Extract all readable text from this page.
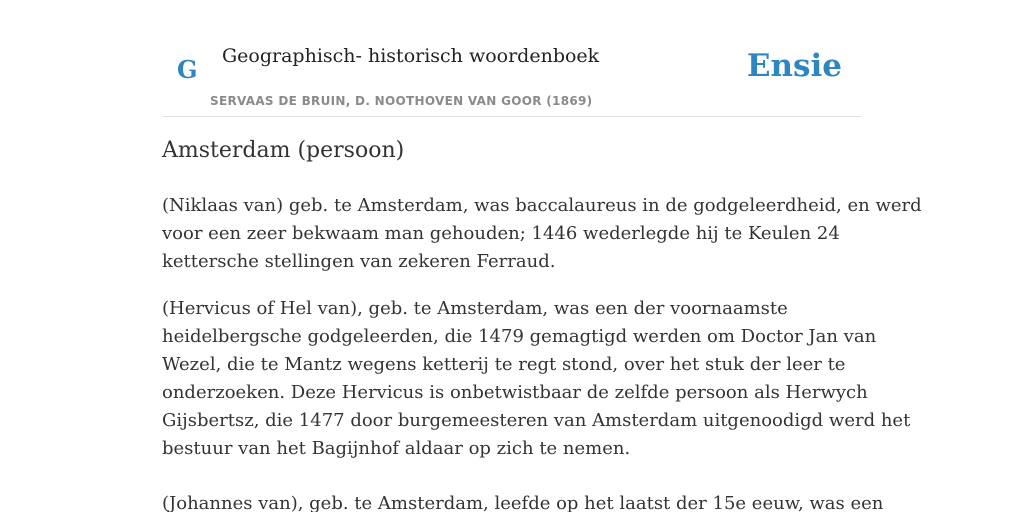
G Geographisch- historisch woordenboek
SERVAAS DE BRUIN, D. NOOTHOVEN VAN GOOR (1869)
Ensie
Amsterdam (persoon)

(Niklaas van) geb. te Amsterdam, was baccalaureus in de godgeleerdheid, en werd
voor een zeer bekwaam man gehouden; 1446 wederlegde hij te Keulen 24
kettersche stellingen van zekeren Ferraud.

(Hervicus of Hel van), geb. te Amsterdam, was een der voornaamste
heidelbergsche godgeleerden, die 1479 gemagtigd werden om Doctor Jan van
Wezel, die te Mantz wegens ketterij te regt stond, over het stuk der leer te
onderzoeken. Deze Hervicus is onbetwistbaar de zelfde persoon als Herwych
Gijsbertsz, die 1477 door burgemeesteren van Amsterdam uitgenoodigd werd het
bestuur van het Bagijnhof aldaar op zich te nemen.

(Johannes van), geb. te Amsterdam, leefde op het laatst der 15e eeuw, was een
